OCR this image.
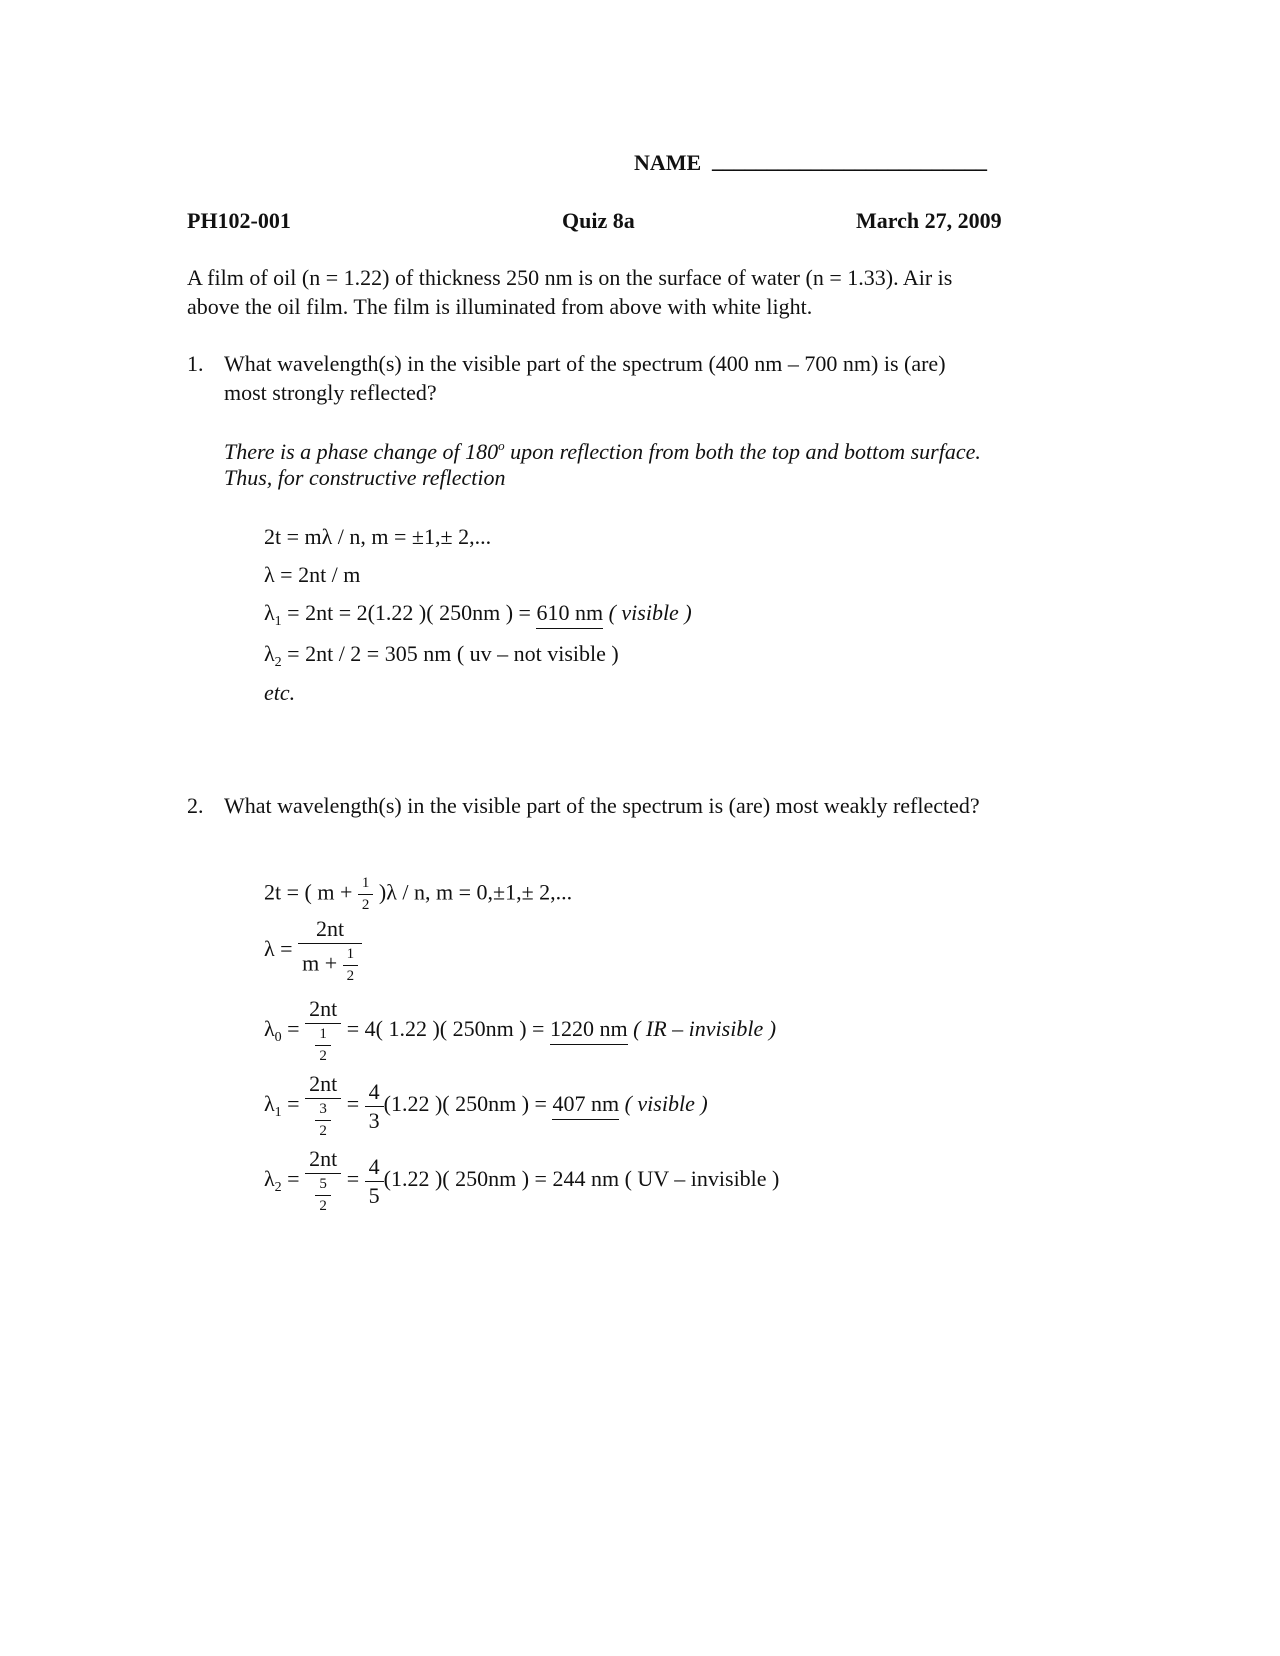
NAME _________________________
PH102-001	Quiz 8a	March 27, 2009
A film of oil (n = 1.22) of thickness 250 nm is on the surface of water (n = 1.33). Air is
above the oil film. The film is illuminated from above with white light.
1. What wavelength(s) in the visible part of the spectrum (400 nm – 700 nm) is (are)
most strongly reflected?
There is a phase change of 180$^o$ upon reflection from both the top and bottom surface.
Thus, for constructive reflection
2t = mλ / n, m = ±1,± 2,...
λ = 2nt / m
$\lambda_1 = 2nt = 2(1.22$ )( 250nm ) = 610 nm ( visible )
$\lambda_2 = 2nt / 2 = 305$ nm ( uv – not visible )
etc.
2. What wavelength(s) in the visible part of the spectrum is (are) most weakly reflected?
2t = ( $m + \frac{1}{2} )\lambda / n$, m = 0,±1,± 2,...
$\lambda = \frac{2nt}{m + \frac{1}{2}}$
$\lambda_0 = \frac{2nt}{\frac{1}{2}} = 4$( 1.22 )( 250nm ) = 1220 nm ( IR – invisible )
$\lambda_1 = \frac{2nt}{\frac{3}{2}} = \frac{4}{3} (1.22$ )( 250nm ) = 407 nm ( visible )
$\lambda_2 = \frac{2nt}{\frac{5}{2}} = \frac{4}{5} (1.22$ )( 250nm ) = 244 nm ( UV – invisible )
